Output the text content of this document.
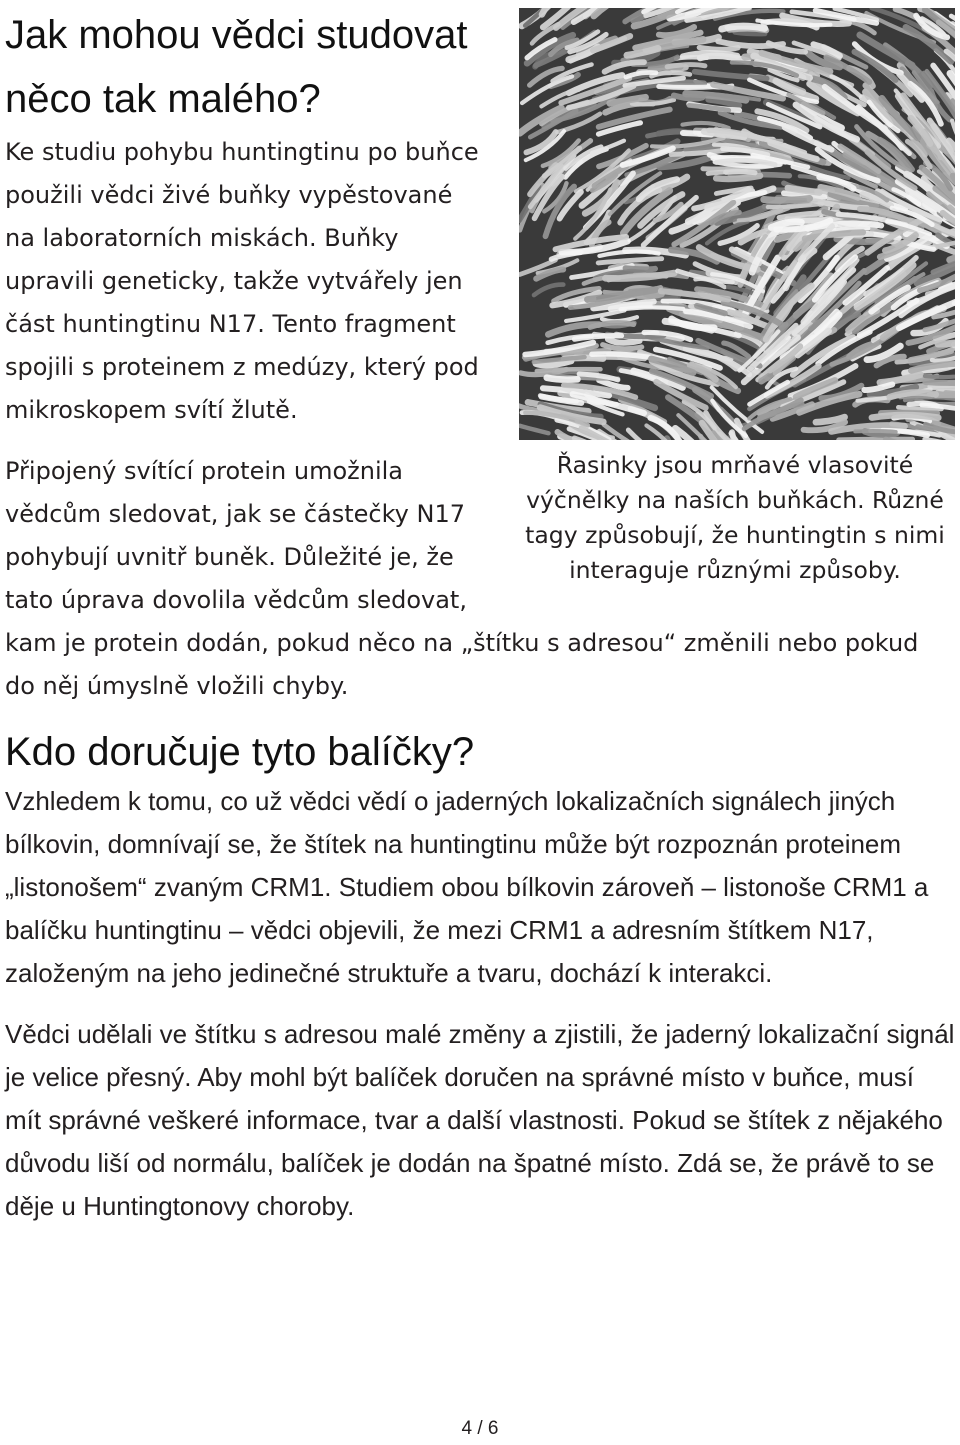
Řasinky jsou mrňavé vlasovité výčnělky na naších buňkách. Různé tagy způsobují, že huntingtin s nimi interaguje různými způsoby.
Jak mohou vědci studovat něco tak malého?

Ke studiu pohybu huntingtinu po buňce použili vědci živé buňky vypěstované na laboratorních miskách. Buňky upravili geneticky, takže vytvářely jen část huntingtinu N17. Tento fragment spojili s proteinem z medúzy, který pod mikroskopem svítí žlutě.

Připojený svítící protein umožnila vědcům sledovat, jak se částečky N17 pohybují uvnitř buněk. Důležité je, že tato úprava dovolila vědcům sledovat, kam je protein dodán, pokud něco na „štítku s adresou“ změnili nebo pokud do něj úmyslně vložili chyby.

Kdo doručuje tyto balíčky?

Vzhledem k tomu, co už vědci vědí o jaderných lokalizačních signálech jiných bílkovin, domnívají se, že štítek na huntingtinu může být rozpoznán proteinem „listonošem“ zvaným CRM1. Studiem obou bílkovin zároveň – listonoše CRM1 a balíčku huntingtinu – vědci objevili, že mezi CRM1 a adresním štítkem N17, založeným na jeho jedinečné struktuře a tvaru, dochází k interakci.

Vědci udělali ve štítku s adresou malé změny a zjistili, že jaderný lokalizační signál je velice přesný. Aby mohl být balíček doručen na správné místo v buňce, musí mít správné veškeré informace, tvar a další vlastnosti. Pokud se štítek z nějakého důvodu liší od normálu, balíček je dodán na špatné místo. Zdá se, že právě to se děje u Huntingtonovy choroby.

4 / 6
